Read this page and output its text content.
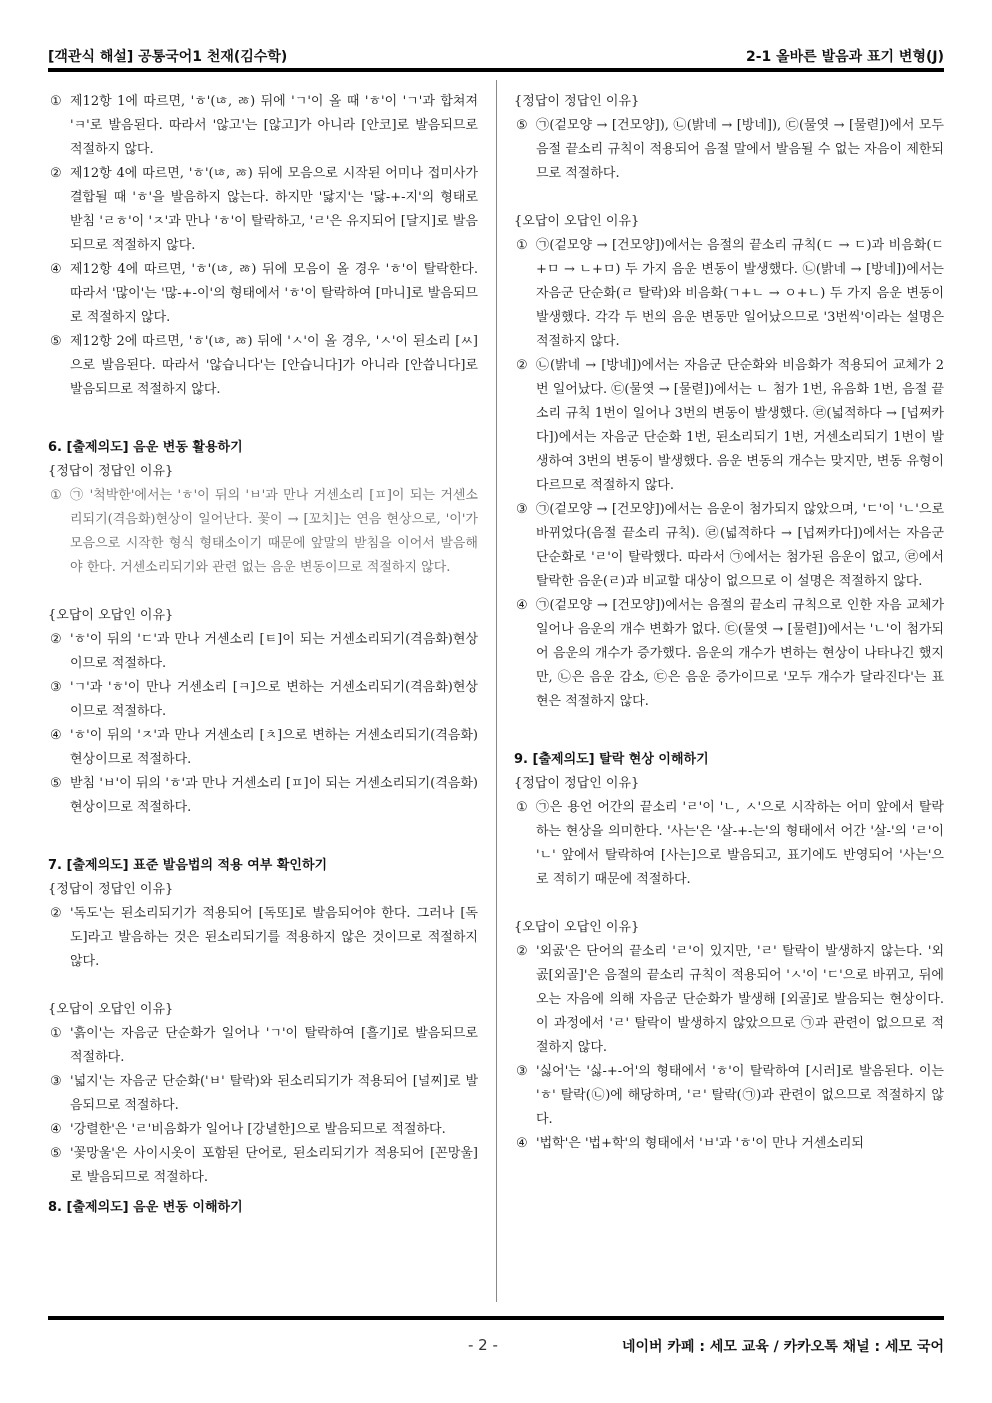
[객관식 해설] 공통국어1 천재(김수학)	2-1 올바른 발음과 표기 변형(J)
① 제12항 1에 따르면, 'ㅎ'(ㄶ, ㅀ) 뒤에 'ㄱ'이 올 때 'ㅎ'이 'ㄱ'과 합쳐져 'ㅋ'로 발음된다. 따라서 '않고'는 [않고]가 아니라 [안코]로 발음되므로 적절하지 않다.
② 제12항 4에 따르면, 'ㅎ'(ㄶ, ㅀ) 뒤에 모음으로 시작된 어미나 접미사가 결합될 때 'ㅎ'을 발음하지 않는다. 하지만 '닳지'는 '닳-+-지'의 형태로 받침 'ㄹㅎ'이 'ㅈ'과 만나 'ㅎ'이 탈락하고, 'ㄹ'은 유지되어 [달지]로 발음되므로 적절하지 않다.
④ 제12항 4에 따르면, 'ㅎ'(ㄶ, ㅀ) 뒤에 모음이 올 경우 'ㅎ'이 탈락한다. 따라서 '많이'는 '많-+-이'의 형태에서 'ㅎ'이 탈락하여 [마니]로 발음되므로 적절하지 않다.
⑤ 제12항 2에 따르면, 'ㅎ'(ㄶ, ㅀ) 뒤에 'ㅅ'이 올 경우, 'ㅅ'이 된소리 [ㅆ]으로 발음된다. 따라서 '않습니다'는 [안습니다]가 아니라 [안씁니다]로 발음되므로 적절하지 않다.
6. [출제의도] 음운 변동 활용하기
{정답이 정답인 이유}
① ㉠ '척박한'에서는 'ㅎ'이 뒤의 'ㅂ'과 만나 거센소리 [ㅍ]이 되는 거센소리되기(격음화)현상이 일어난다. 꽃이 → [꼬치]는 연음 현상으로, '이'가 모음으로 시작한 형식 형태소이기 때문에 앞말의 받침을 이어서 발음해야 한다. 거센소리되기와 관련 없는 음운 변동이므로 적절하지 않다.
{오답이 오답인 이유}
② 'ㅎ'이 뒤의 'ㄷ'과 만나 거센소리 [ㅌ]이 되는 거센소리되기(격음화)현상이므로 적절하다.
③ 'ㄱ'과 'ㅎ'이 만나 거센소리 [ㅋ]으로 변하는 거센소리되기(격음화)현상이므로 적절하다.
④ 'ㅎ'이 뒤의 'ㅈ'과 만나 거센소리 [ㅊ]으로 변하는 거센소리되기(격음화)현상이므로 적절하다.
⑤ 받침 'ㅂ'이 뒤의 'ㅎ'과 만나 거센소리 [ㅍ]이 되는 거센소리되기(격음화)현상이므로 적절하다.
7. [출제의도] 표준 발음법의 적용 여부 확인하기
{정답이 정답인 이유}
② '독도'는 된소리되기가 적용되어 [독또]로 발음되어야 한다. 그러나 [독도]라고 발음하는 것은 된소리되기를 적용하지 않은 것이므로 적절하지 않다.
{오답이 오답인 이유}
① '흙이'는 자음군 단순화가 일어나 'ㄱ'이 탈락하여 [흘기]로 발음되므로 적절하다.
③ '넓지'는 자음군 단순화('ㅂ' 탈락)와 된소리되기가 적용되어 [널찌]로 발음되므로 적절하다.
④ '강렬한'은 'ㄹ'비음화가 일어나 [강녈한]으로 발음되므로 적절하다.
⑤ '꽃망울'은 사이시옷이 포함된 단어로, 된소리되기가 적용되어 [꼰망울]로 발음되므로 적절하다.
8. [출제의도] 음운 변동 이해하기
{정답이 정답인 이유}
⑤ ㉠(겉모양 → [건모양]), ㉡(밝네 → [방네]), ㉢(물엿 → [물렫])에서 모두 음절 끝소리 규칙이 적용되어 음절 말에서 발음될 수 없는 자음이 제한되므로 적절하다.
{오답이 오답인 이유}
① ㉠(겉모양 → [건모양])에서는 음절의 끝소리 규칙(ㄷ → ㄷ)과 비음화(ㄷ+ㅁ → ㄴ+ㅁ) 두 가지 음운 변동이 발생했다. ㉡(밝네 → [방네])에서는 자음군 단순화(ㄹ 탈락)와 비음화(ㄱ+ㄴ → ㅇ+ㄴ) 두 가지 음운 변동이 발생했다. 각각 두 번의 음운 변동만 일어났으므로 '3번씩'이라는 설명은 적절하지 않다.
② ㉡(밝네 → [방네])에서는 자음군 단순화와 비음화가 적용되어 교체가 2번 일어났다. ㉢(물엿 → [물렫])에서는 ㄴ 첨가 1번, 유음화 1번, 음절 끝소리 규칙 1번이 일어나 3번의 변동이 발생했다. ㉣(넓적하다 → [넙쩌카다])에서는 자음군 단순화 1번, 된소리되기 1번, 거센소리되기 1번이 발생하여 3번의 변동이 발생했다. 음운 변동의 개수는 맞지만, 변동 유형이 다르므로 적절하지 않다.
③ ㉠(겉모양 → [건모양])에서는 음운이 첨가되지 않았으며, 'ㄷ'이 'ㄴ'으로 바뀌었다(음절 끝소리 규칙). ㉣(넓적하다 → [넙쩌카다])에서는 자음군 단순화로 'ㄹ'이 탈락했다. 따라서 ㉠에서는 첨가된 음운이 없고, ㉣에서 탈락한 음운(ㄹ)과 비교할 대상이 없으므로 이 설명은 적절하지 않다.
④ ㉠(겉모양 → [건모양])에서는 음절의 끝소리 규칙으로 인한 자음 교체가 일어나 음운의 개수 변화가 없다. ㉢(물엿 → [물렫])에서는 'ㄴ'이 첨가되어 음운의 개수가 증가했다. 음운의 개수가 변하는 현상이 나타나긴 했지만, ㉡은 음운 감소, ㉢은 음운 증가이므로 '모두 개수가 달라진다'는 표현은 적절하지 않다.
9. [출제의도] 탈락 현상 이해하기
{정답이 정답인 이유}
① ㉠은 용언 어간의 끝소리 'ㄹ'이 'ㄴ, ㅅ'으로 시작하는 어미 앞에서 탈락하는 현상을 의미한다. '사는'은 '살-+-는'의 형태에서 어간 '살-'의 'ㄹ'이 'ㄴ' 앞에서 탈락하여 [사는]으로 발음되고, 표기에도 반영되어 '사는'으로 적히기 때문에 적절하다.
{오답이 오답인 이유}
② '외곬'은 단어의 끝소리 'ㄹ'이 있지만, 'ㄹ' 탈락이 발생하지 않는다. '외곬[외골]'은 음절의 끝소리 규칙이 적용되어 'ㅅ'이 'ㄷ'으로 바뀌고, 뒤에 오는 자음에 의해 자음군 단순화가 발생해 [외골]로 발음되는 현상이다. 이 과정에서 'ㄹ' 탈락이 발생하지 않았으므로 ㉠과 관련이 없으므로 적절하지 않다.
③ '싫어'는 '싫-+-어'의 형태에서 'ㅎ'이 탈락하여 [시러]로 발음된다. 이는 'ㅎ' 탈락(㉡)에 해당하며, 'ㄹ' 탈락(㉠)과 관련이 없으므로 적절하지 않다.
④ '법학'은 '법+학'의 형태에서 'ㅂ'과 'ㅎ'이 만나 거센소리되
- 2 -	네이버 카페 : 세모 교육 / 카카오톡 채널 : 세모 국어
